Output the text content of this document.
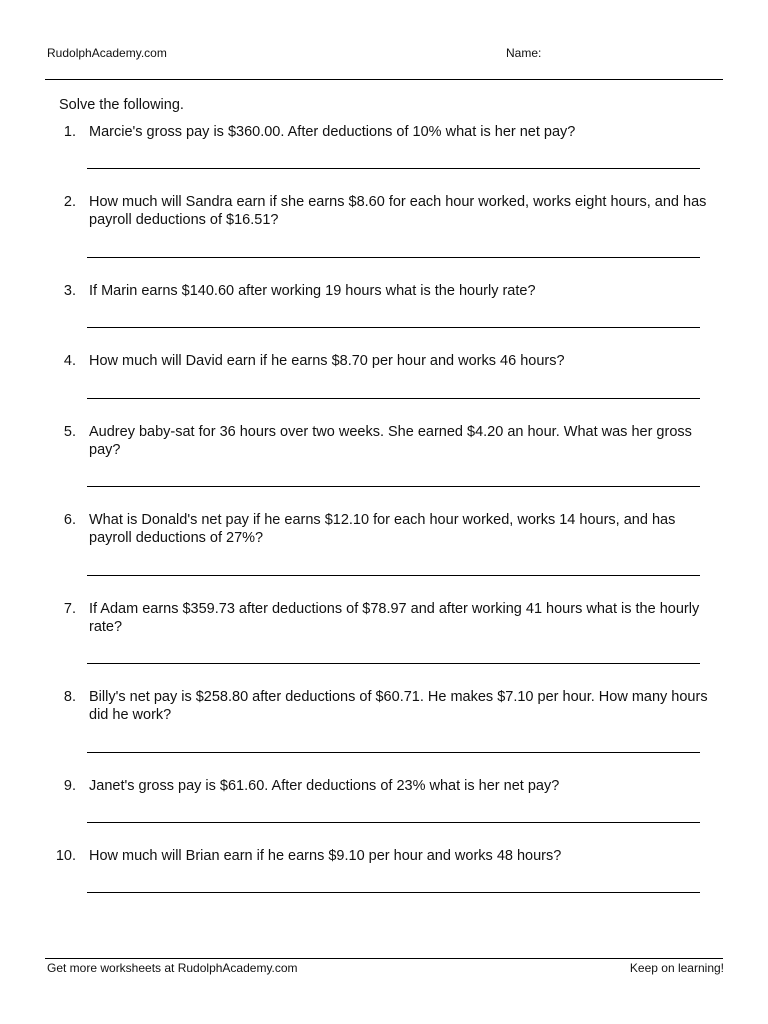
RudolphAcademy.com	Name:
Solve the following.
1. Marcie's gross pay is $360.00. After deductions of 10% what is her net pay?
2. How much will Sandra earn if she earns $8.60 for each hour worked, works eight hours, and has payroll deductions of $16.51?
3. If Marin earns $140.60 after working 19 hours what is the hourly rate?
4. How much will David earn if he earns $8.70 per hour and works 46 hours?
5. Audrey baby-sat for 36 hours over two weeks. She earned $4.20 an hour. What was her gross pay?
6. What is Donald's net pay if he earns $12.10 for each hour worked, works 14 hours, and has payroll deductions of 27%?
7. If Adam earns $359.73 after deductions of $78.97 and after working 41 hours what is the hourly rate?
8. Billy's net pay is $258.80 after deductions of $60.71. He makes $7.10 per hour. How many hours did he work?
9. Janet's gross pay is $61.60. After deductions of 23% what is her net pay?
10. How much will Brian earn if he earns $9.10 per hour and works 48 hours?
Get more worksheets at RudolphAcademy.com	Keep on learning!
